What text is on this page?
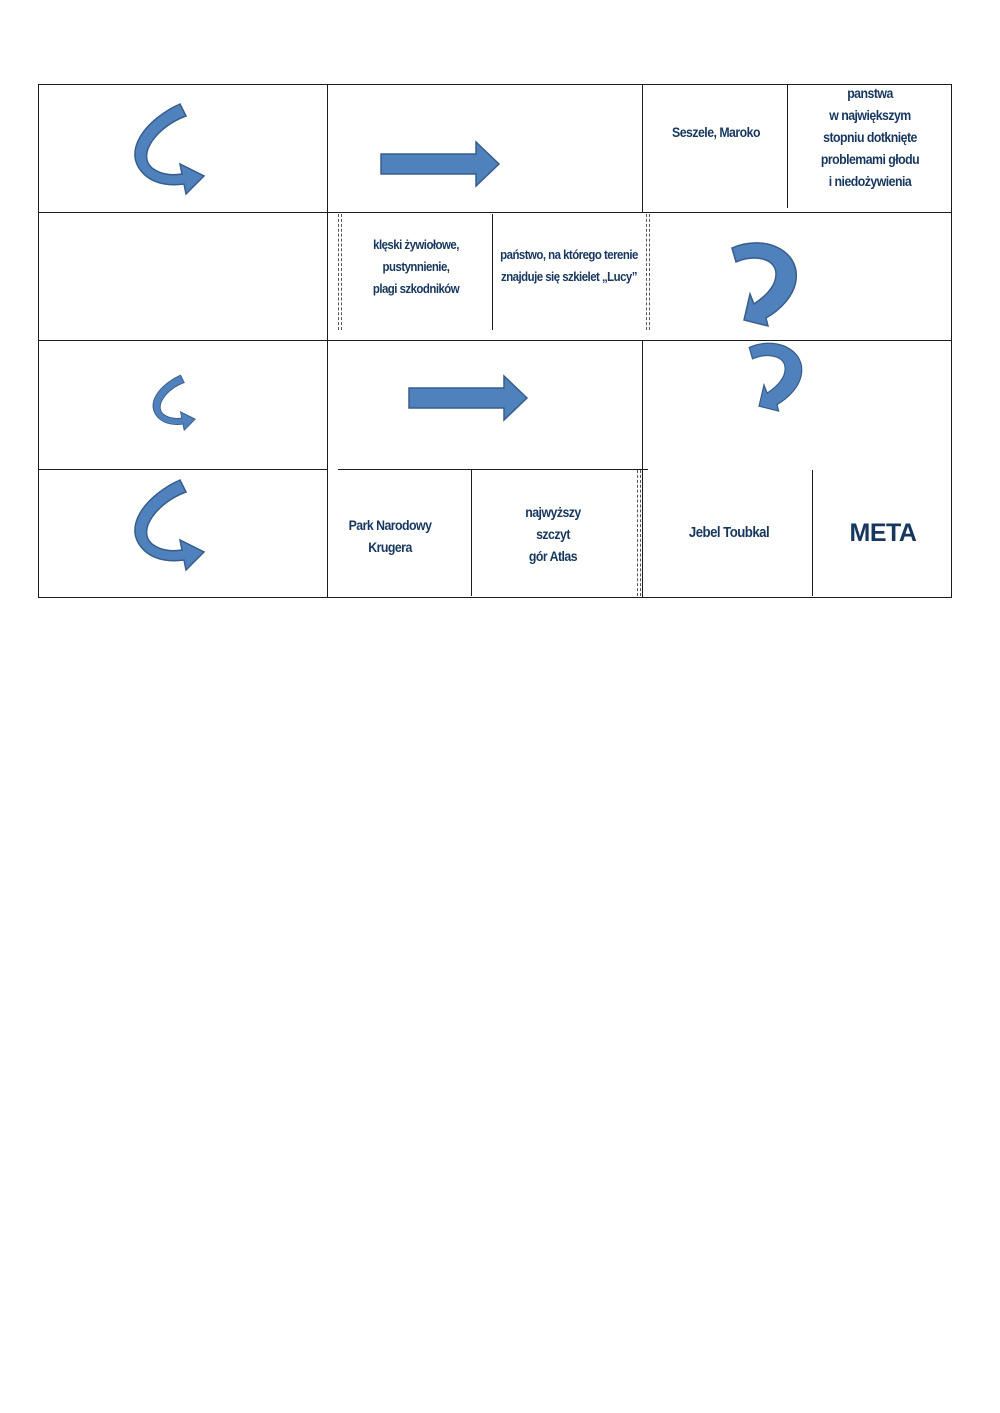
Seszele, Maroko
panstwa
w największym
stopniu dotknięte
problemami głodu
i niedożywienia
klęski żywiołowe,
pustynnienie,
plagi szkodników
państwo, na którego terenie
znajduje się szkielet „Lucy”
Park Narodowy
Krugera
najwyższy
szczyt
gór Atlas
Jebel Toubkal	META
